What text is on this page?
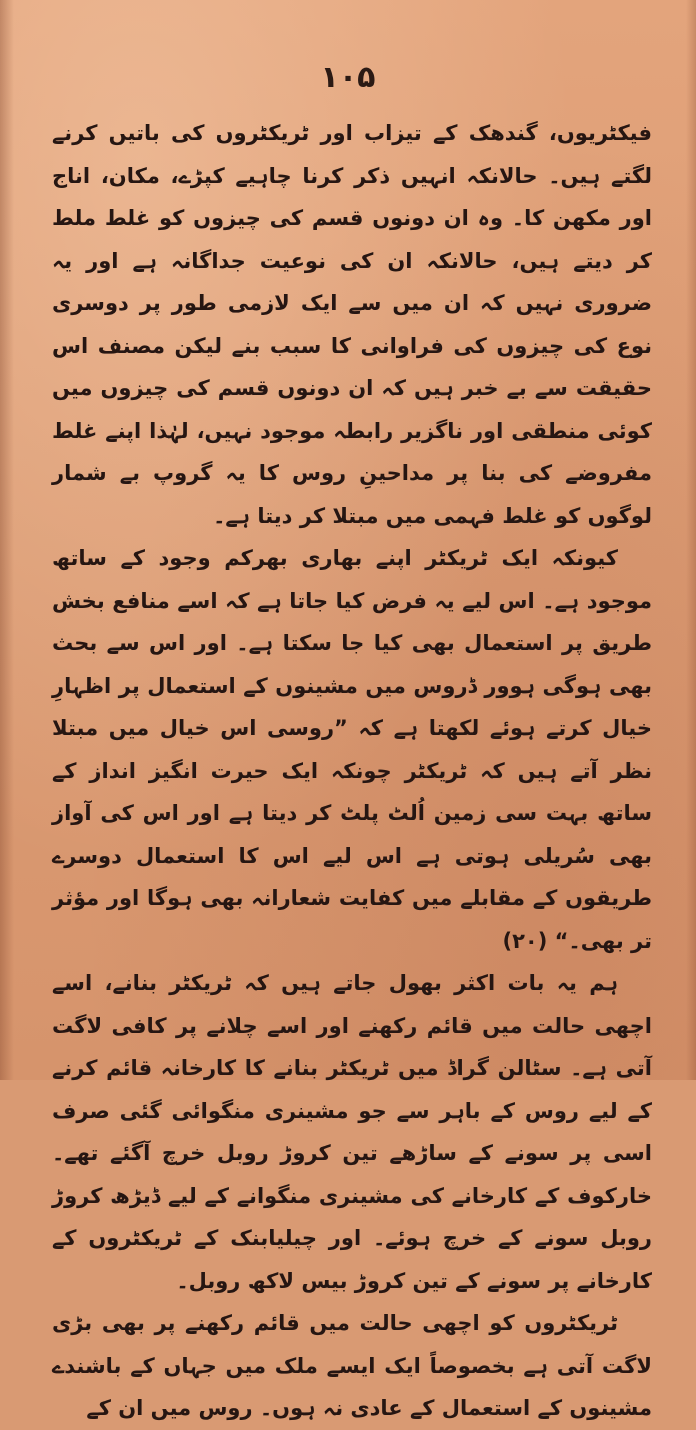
۱۰۵

فیکٹریوں، گندھک کے تیزاب اور ٹریکٹروں کی باتیں کرنے لگتے ہیں۔ حالانکہ انہیں ذکر کرنا چاہیے کپڑے، مکان، اناج اور مکھن کا۔ وہ ان دونوں قسم کی چیزوں کو غلط ملط کر دیتے ہیں، حالانکہ ان کی نوعیت جداگانہ ہے اور یہ ضروری نہیں کہ ان میں سے ایک لازمی طور پر دوسری نوع کی چیزوں کی فراوانی کا سبب بنے لیکن مصنف اس حقیقت سے بے خبر ہیں کہ ان دونوں قسم کی چیزوں میں کوئی منطقی اور ناگزیر رابطہ موجود نہیں، لہٰذا اپنے غلط مفروضے کی بنا پر مداحینِ روس کا یہ گروپ بے شمار لوگوں کو غلط فہمی میں مبتلا کر دیتا ہے۔

کیونکہ ایک ٹریکٹر اپنے بھاری بھرکم وجود کے ساتھ موجود ہے۔ اس لیے یہ فرض کیا جاتا ہے کہ اسے منافع بخش طریق پر استعمال بھی کیا جا سکتا ہے۔ اور اس سے بحث بھی ہوگی ہوور ڈروس میں مشینوں کے استعمال پر اظہارِ خیال کرتے ہوئے لکھتا ہے کہ ”روسی اس خیال میں مبتلا نظر آتے ہیں کہ ٹریکٹر چونکہ ایک حیرت انگیز انداز کے ساتھ بہت سی زمین اُلٹ پلٹ کر دیتا ہے اور اس کی آواز بھی سُریلی ہوتی ہے اس لیے اس کا استعمال دوسرے طریقوں کے مقابلے میں کفایت شعارانہ بھی ہوگا اور مؤثر تر بھی۔“ (۲۰)

ہم یہ بات اکثر بھول جاتے ہیں کہ ٹریکٹر بنانے، اسے اچھی حالت میں قائم رکھنے اور اسے چلانے پر کافی لاگت آتی ہے۔ سٹالن گراڈ میں ٹریکٹر بنانے کا کارخانہ قائم کرنے کے لیے روس کے باہر سے جو مشینری منگوائی گئی صرف اسی پر سونے کے ساڑھے تین کروڑ روبل خرچ آگئے تھے۔ خارکوف کے کارخانے کی مشینری منگوانے کے لیے ڈیڑھ کروڑ روبل سونے کے خرچ ہوئے۔ اور چیلیابنک کے ٹریکٹروں کے کارخانے پر سونے کے تین کروڑ بیس لاکھ روبل۔

ٹریکٹروں کو اچھی حالت میں قائم رکھنے پر بھی بڑی لاگت آتی ہے بخصوصاً ایک ایسے ملک میں جہاں کے باشندے مشینوں کے استعمال کے عادی نہ ہوں۔ روس میں ان کے
